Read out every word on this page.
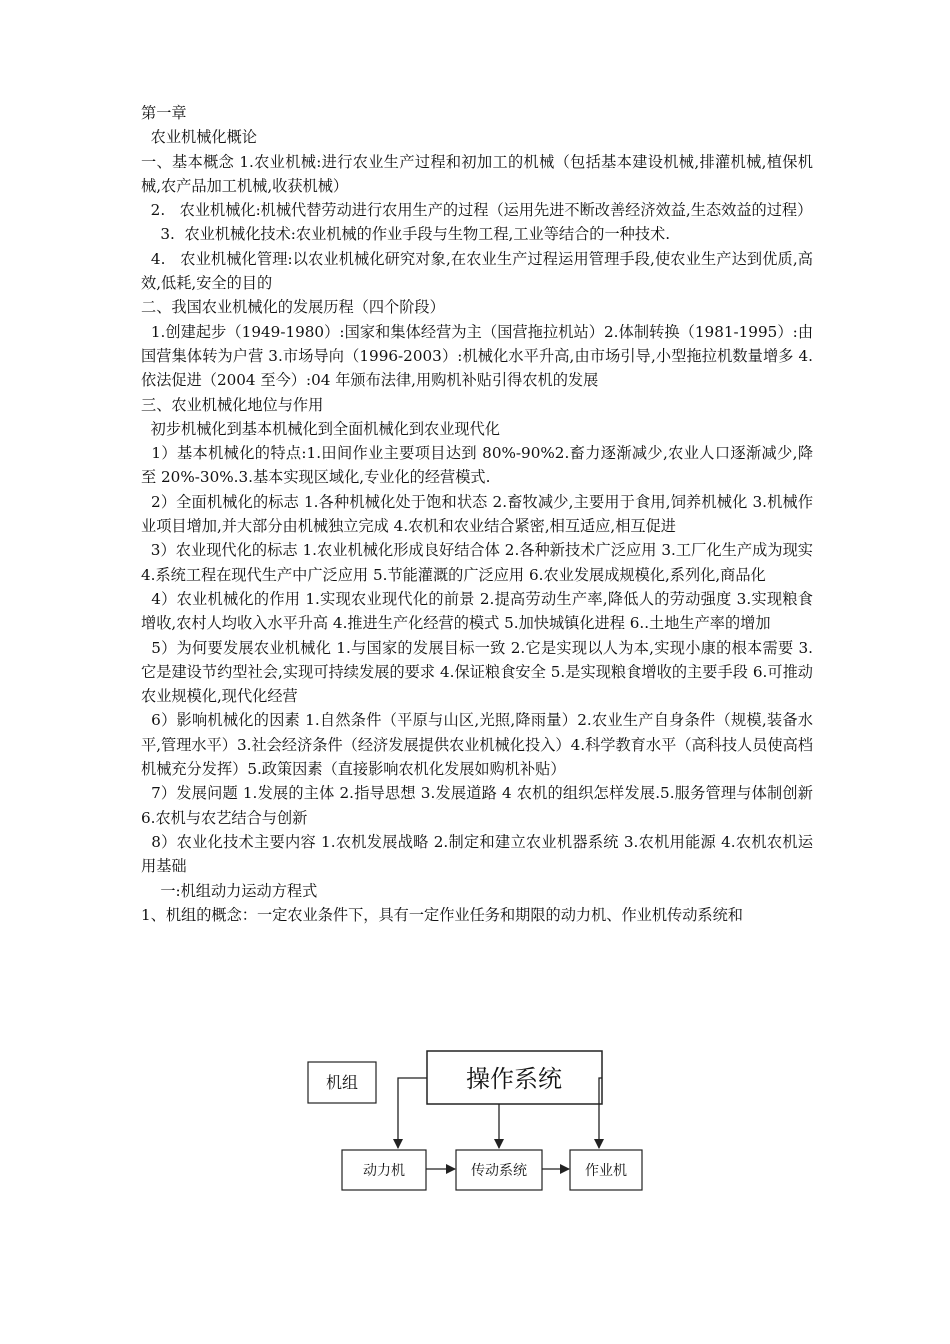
第一章

农业机械化概论

一、基本概念 1.农业机械:进行农业生产过程和初加工的机械（包括基本建设机械,排灌机械,植保机械,农产品加工机械,收获机械）

2.   农业机械化:机械代替劳动进行农用生产的过程（运用先进不断改善经济效益,生态效益的过程）

3.  农业机械化技术:农业机械的作业手段与生物工程,工业等结合的一种技术.

4.   农业机械化管理:以农业机械化研究对象,在农业生产过程运用管理手段,使农业生产达到优质,高效,低耗,安全的目的

二、我国农业机械化的发展历程（四个阶段）

1.创建起步（1949-1980）:国家和集体经营为主（国营拖拉机站）2.体制转换（1981-1995）:由国营集体转为户营 3.市场导向（1996-2003）:机械化水平升高,由市场引导,小型拖拉机数量增多 4.依法促进（2004 至今）:04 年颁布法律,用购机补贴引得农机的发展

三、农业机械化地位与作用

初步机械化到基本机械化到全面机械化到农业现代化

1）基本机械化的特点:1.田间作业主要项目达到 80%-90%2.畜力逐渐减少,农业人口逐渐减少,降至 20%-30%.3.基本实现区域化,专业化的经营模式.

2）全面机械化的标志 1.各种机械化处于饱和状态 2.畜牧减少,主要用于食用,饲养机械化 3.机械作业项目增加,并大部分由机械独立完成 4.农机和农业结合紧密,相互适应,相互促进

3）农业现代化的标志 1.农业机械化形成良好结合体 2.各种新技术广泛应用 3.工厂化生产成为现实 4.系统工程在现代生产中广泛应用 5.节能灌溉的广泛应用 6.农业发展成规模化,系列化,商品化

4）农业机械化的作用 1.实现农业现代化的前景 2.提高劳动生产率,降低人的劳动强度 3.实现粮食增收,农村人均收入水平升高 4.推进生产化经营的模式 5.加快城镇化进程 6..土地生产率的增加

5）为何要发展农业机械化 1.与国家的发展目标一致 2.它是实现以人为本,实现小康的根本需要 3.它是建设节约型社会,实现可持续发展的要求 4.保证粮食安全 5.是实现粮食增收的主要手段 6.可推动农业规模化,现代化经营

6）影响机械化的因素 1.自然条件（平原与山区,光照,降雨量）2.农业生产自身条件（规模,装备水平,管理水平）3.社会经济条件（经济发展提供农业机械化投入）4.科学教育水平（高科技人员使高档机械充分发挥）5.政策因素（直接影响农机化发展如购机补贴）

7）发展问题 1.发展的主体 2.指导思想 3.发展道路 4 农机的组织怎样发展.5.服务管理与体制创新 6.农机与农艺结合与创新

8）农业化技术主要内容 1.农机发展战略 2.制定和建立农业机器系统 3.农机用能源 4.农机农机运用基础

一:机组动力运动方程式

1、机组的概念：一定农业条件下，具有一定作业任务和期限的动力机、作业机传动系统和

机组	操作系统
动力机	传动系统	作业机
